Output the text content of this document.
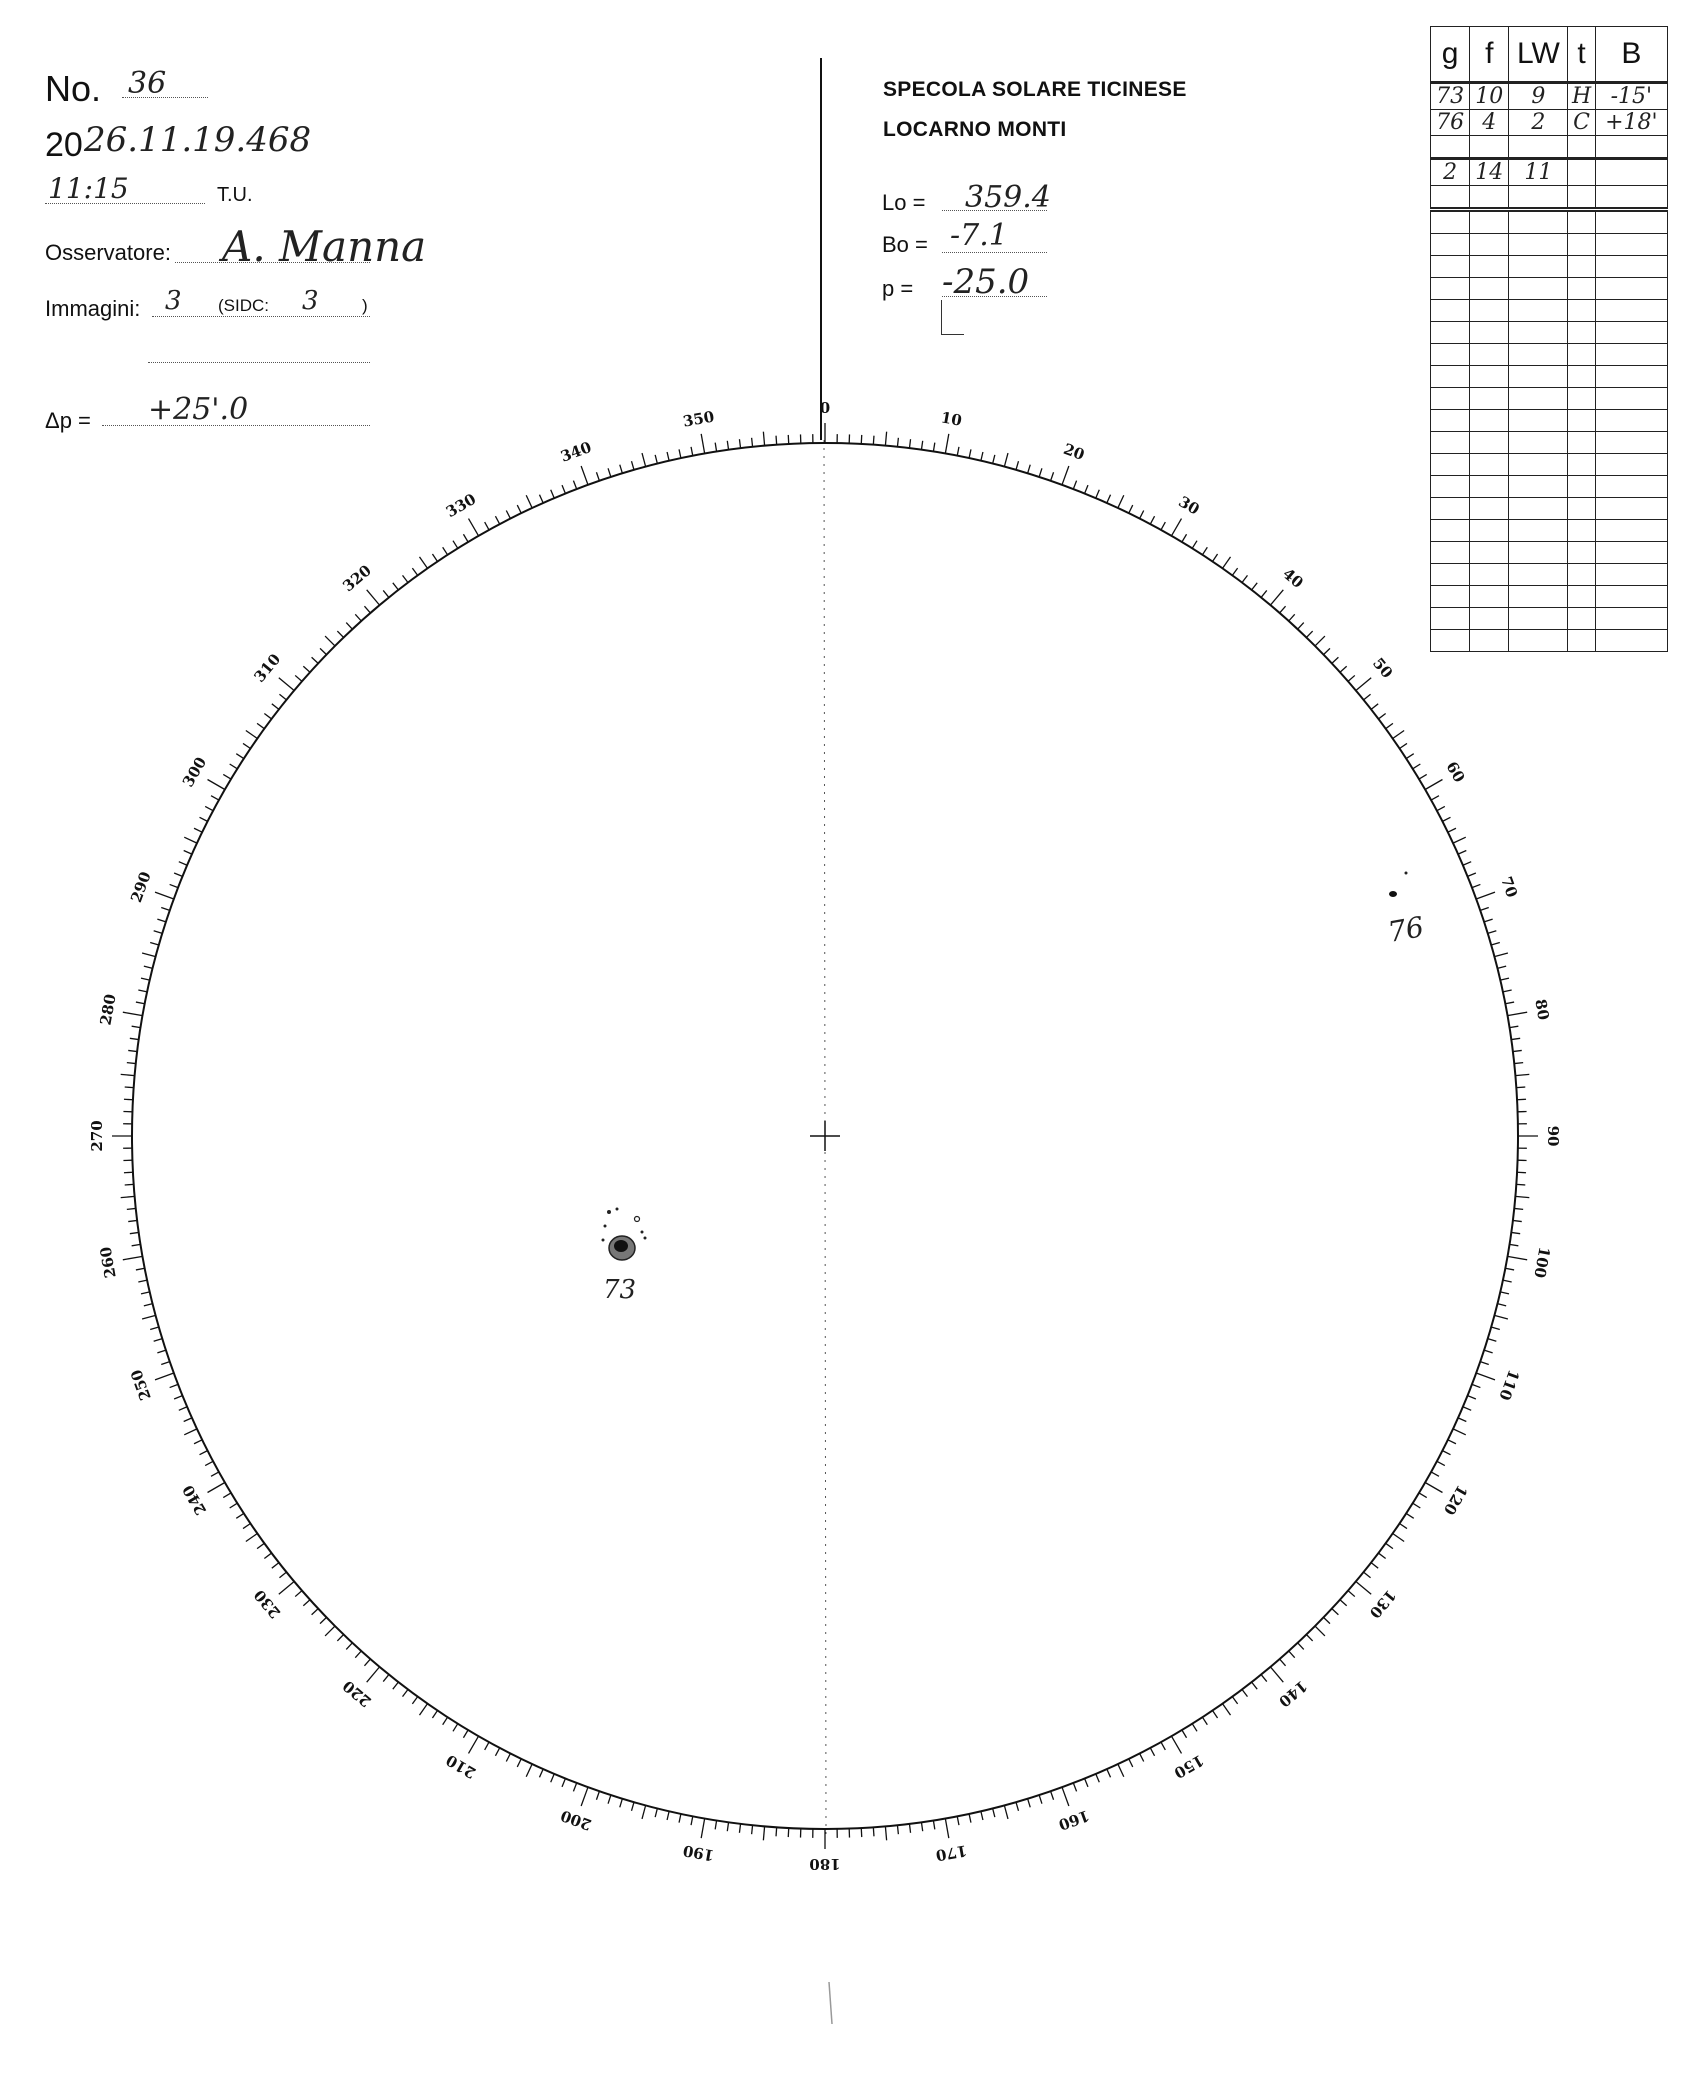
No. 36
20 26.11.19.468
11:15	T.U.
Osservatore: A. Manna
Immagini: 3 (SIDC: 3	)
Δp = +25'.0
SPECOLA SOLARE TICINESE
LOCARNO MONTI
Lo = 359.4
Bo = -7.1
p = -25.0
g	f	LW	t	B
73	10	9	H	-15'
76	4	2	C	+18'

2	14	11		

0
10
20
30
40
50
60
70
80
90
100
110
120
130
140
150
160
170
180
190
200
210
220
230
240
250
260
270
280
290
300
310
320
330
340
350
73
76
